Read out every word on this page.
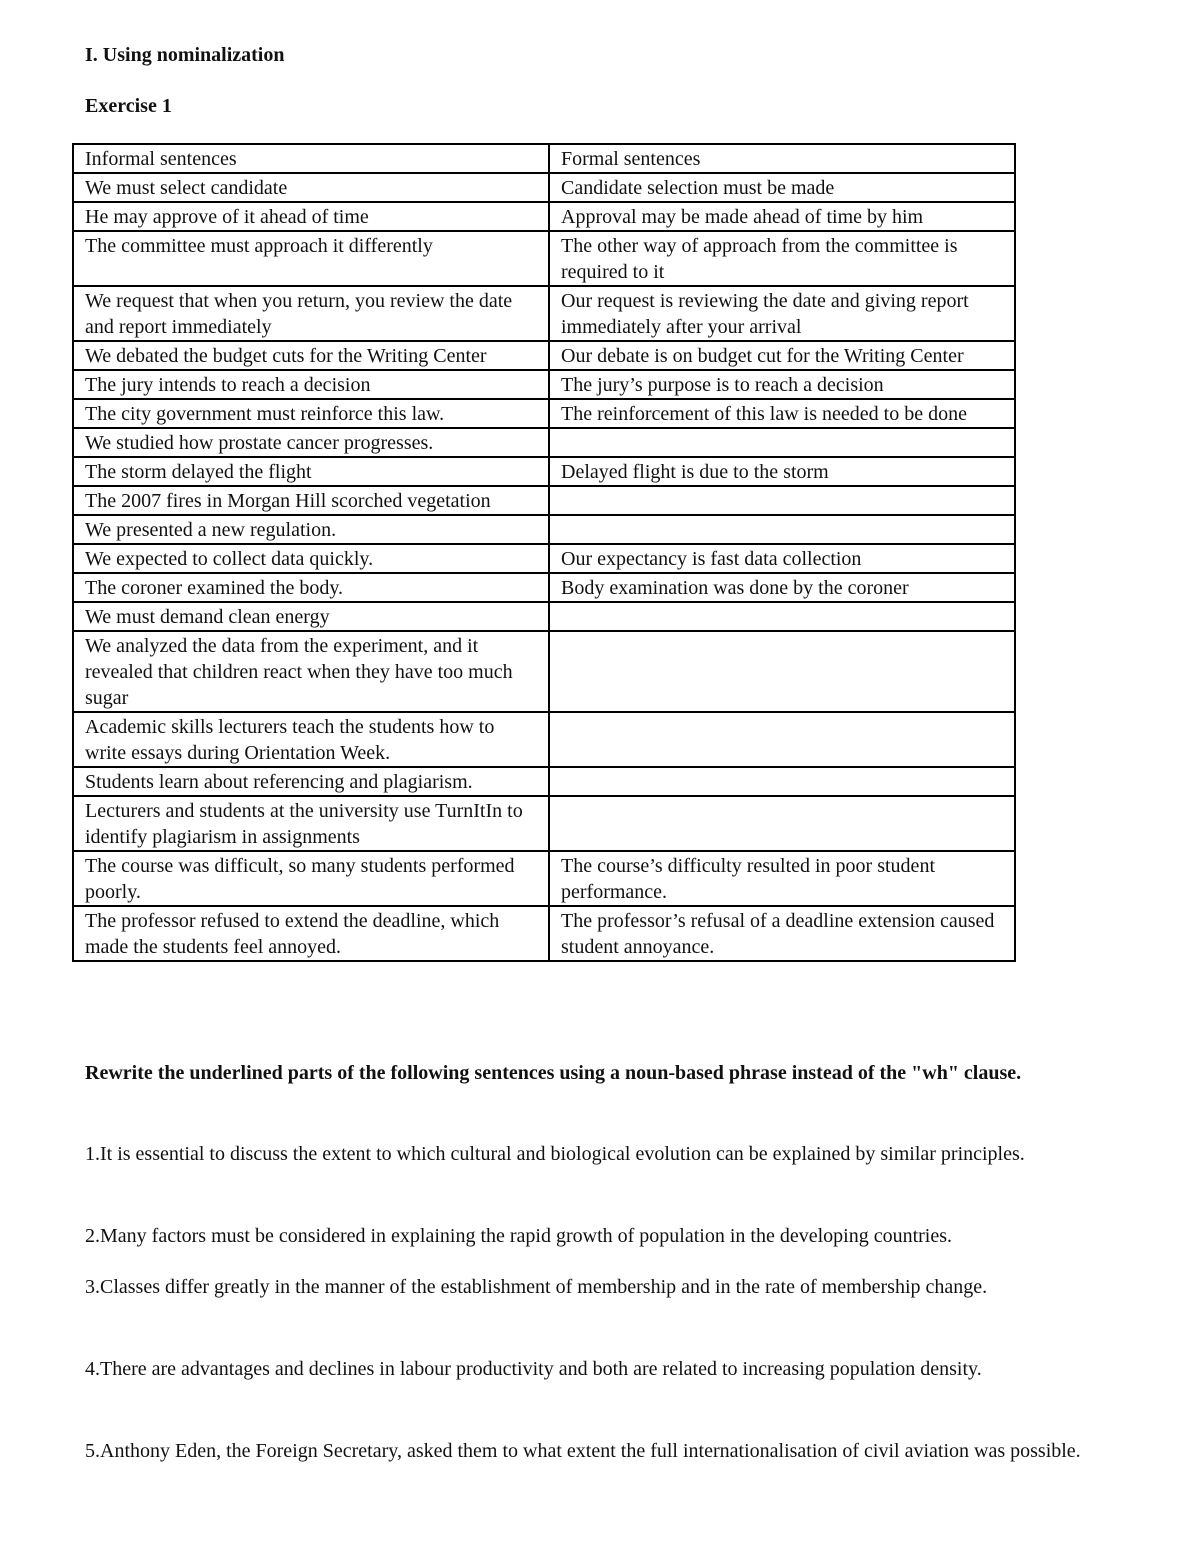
I. Using nominalization
Exercise 1
Informal sentences	Formal sentences
We must select candidate	Candidate selection must be made
He may approve of it ahead of time	Approval may be made ahead of time by him
The committee must approach it differently	The other way of approach from the committee is required to it
We request that when you return, you review the date and report immediately	Our request is reviewing the date and giving report immediately after your arrival
We debated the budget cuts for the Writing Center	Our debate is on budget cut for the Writing Center
The jury intends to reach a decision	The jury’s purpose is to reach a decision
The city government must reinforce this law.	The reinforcement of this law is needed to be done
We studied how prostate cancer progresses.	
The storm delayed the flight	Delayed flight is due to the storm
The 2007 fires in Morgan Hill scorched vegetation	
We presented a new regulation.	
We expected to collect data quickly.	Our expectancy is fast data collection
The coroner examined the body.	Body examination was done by the coroner
We must demand clean energy	
We analyzed the data from the experiment, and it revealed that children react when they have too much sugar	
Academic skills lecturers teach the students how to write essays during Orientation Week.	
Students learn about referencing and plagiarism.	
Lecturers and students at the university use TurnItIn to identify plagiarism in assignments	
The course was difficult, so many students performed poorly.	The course’s difficulty resulted in poor student performance.
The professor refused to extend the deadline, which made the students feel annoyed.	The professor’s refusal of a deadline extension caused student annoyance.

Rewrite the underlined parts of the following sentences using a noun-based phrase instead of the "wh" clause.

1.It is essential to discuss the extent to which cultural and biological evolution can be explained by similar principles.

2.Many factors must be considered in explaining the rapid growth of population in the developing countries.

3.Classes differ greatly in the manner of the establishment of membership and in the rate of membership change.

4.There are advantages and declines in labour productivity and both are related to increasing population density.

5.Anthony Eden, the Foreign Secretary, asked them to what extent the full internationalisation of civil aviation was possible.
